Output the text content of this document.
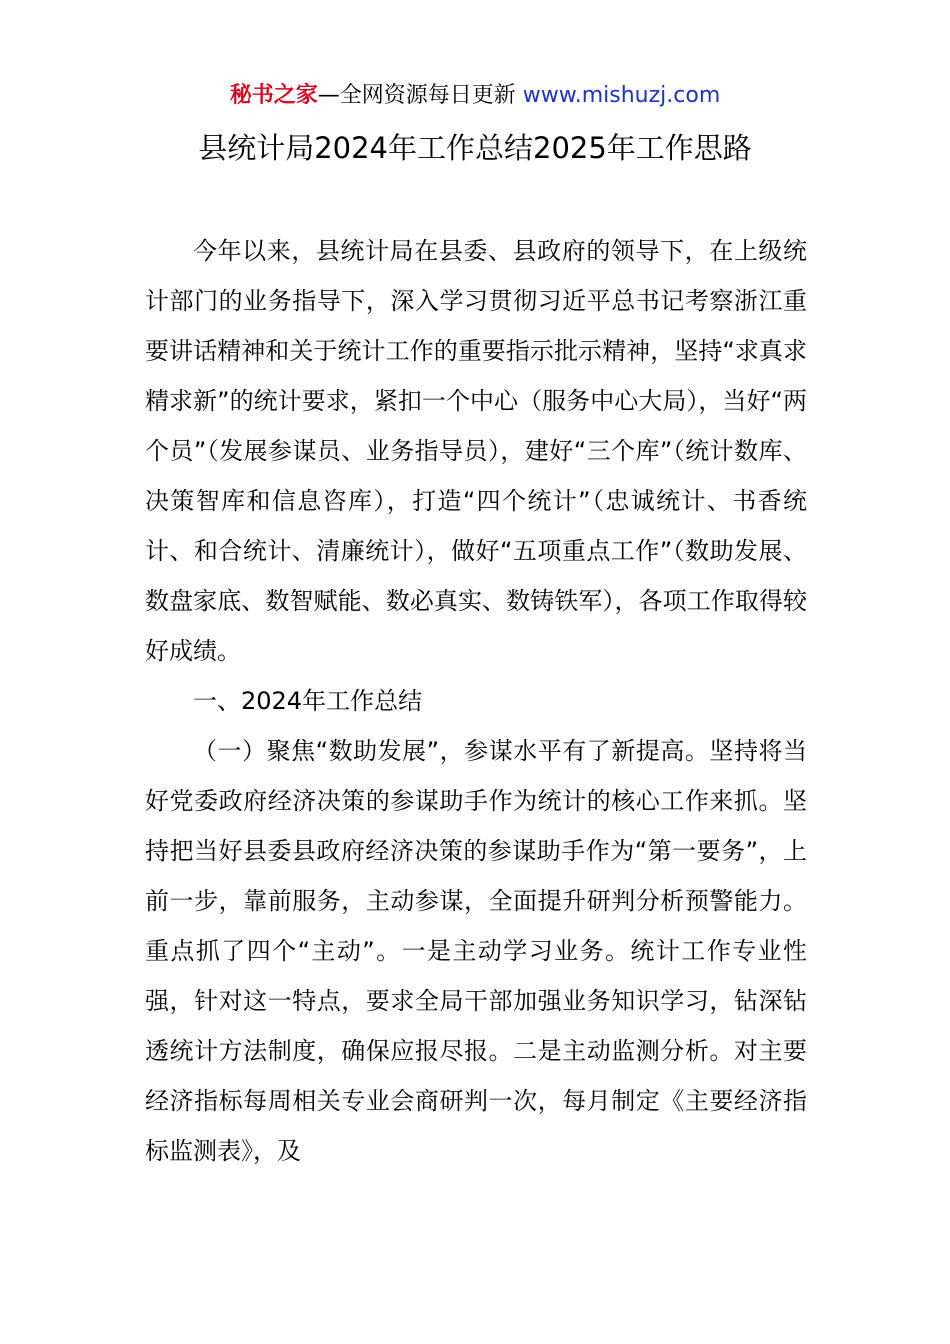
秘书之家—全网资源每日更新 www.mishuzj.com
县统计局2024年工作总结2025年工作思路

今年以来，县统计局在县委、县政府的领导下，在上级统计部门的业务指导下，深入学习贯彻习近平总书记考察浙江重要讲话精神和关于统计工作的重要指示批示精神，坚持“求真求精求新”的统计要求，紧扣一个中心（服务中心大局），当好“两个员”（发展参谋员、业务指导员），建好“三个库”（统计数库、决策智库和信息咨库），打造“四个统计”（忠诚统计、书香统计、和合统计、清廉统计），做好“五项重点工作”（数助发展、数盘家底、数智赋能、数必真实、数铸铁军），各项工作取得较好成绩。

一、2024年工作总结

（一）聚焦“数助发展”，参谋水平有了新提高。坚持将当好党委政府经济决策的参谋助手作为统计的核心工作来抓。坚持把当好县委县政府经济决策的参谋助手作为“第一要务”，上前一步，靠前服务，主动参谋，全面提升研判分析预警能力。重点抓了四个“主动”。一是主动学习业务。统计工作专业性强，针对这一特点，要求全局干部加强业务知识学习，钻深钻透统计方法制度，确保应报尽报。二是主动监测分析。对主要经济指标每周相关专业会商研判一次，每月制定《主要经济指标监测表》，及
